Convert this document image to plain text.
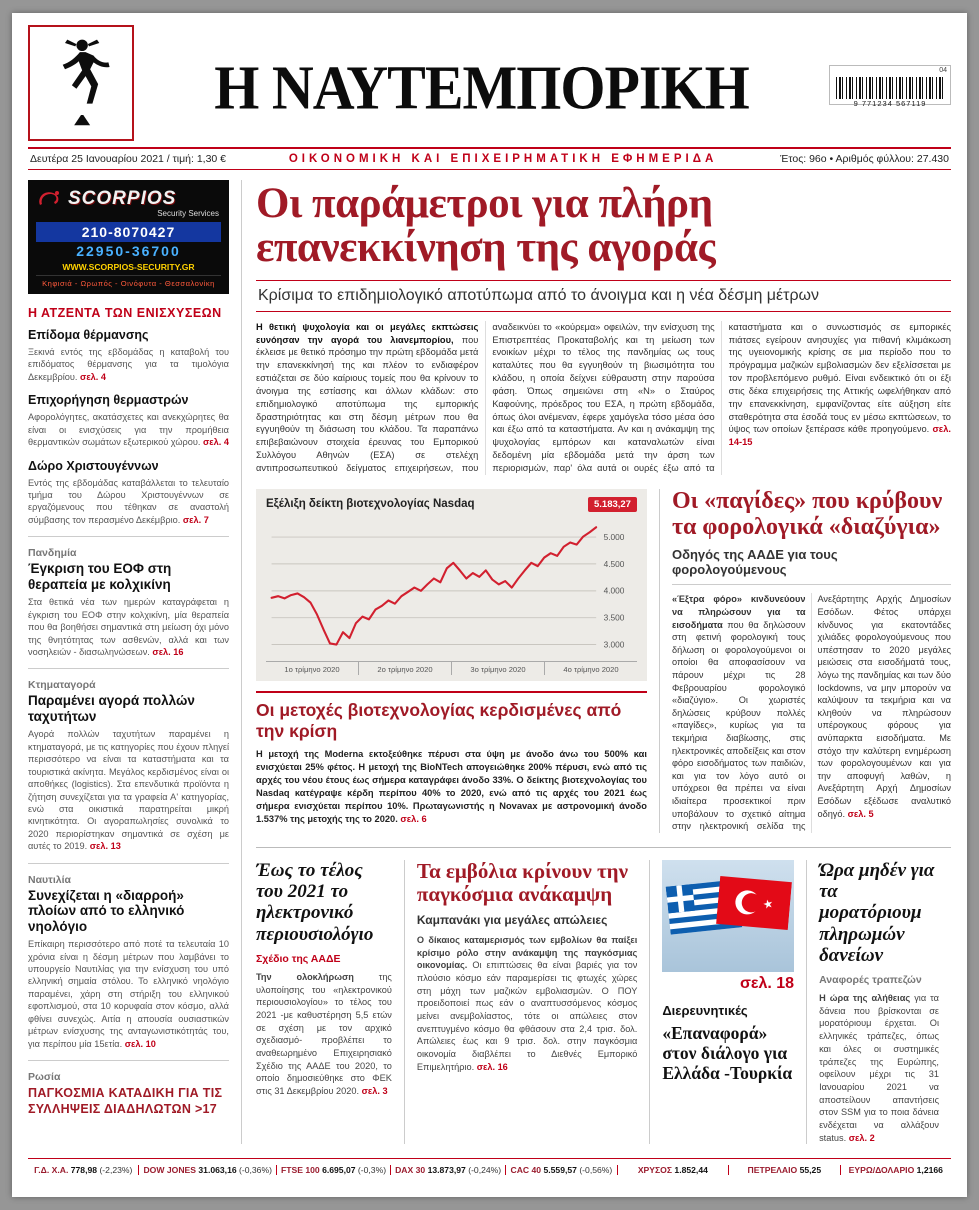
Η ΝΑΥΤΕΜΠΟΡΙΚΗ	04
9 771234 567119
Δευτέρα 25 Ιανουαρίου 2021 / τιμή: 1,30 €	ΟΙΚΟΝΟΜΙΚΗ ΚΑΙ ΕΠΙΧΕΙΡΗΜΑΤΙΚΗ ΕΦΗΜΕΡΙΔΑ	Έτος: 96ο • Αριθμός φύλλου: 27.430
SCORPIOS
Security Services
210-8070427
22950-36700
WWW.SCORPIOS-SECURITY.GR
Κηφισιά - Ωρωπός - Οινόφυτα - Θεσσαλονίκη
Η ΑΤΖΕΝΤΑ ΤΩΝ ΕΝΙΣΧΥΣΕΩΝ
Επίδομα θέρμανσης

Ξεκινά εντός της εβδομάδας η καταβολή του επιδόματος θέρμανσης για τα τιμολόγια Δεκεμβρίου. σελ. 4

Επιχορήγηση θερμαστρών

Αφορολόγητες, ακατάσχετες και ανεκχώρητες θα είναι οι ενισχύσεις για την προμήθεια θερμαντικών σωμάτων εξωτερικού χώρου. σελ. 4

Δώρο Χριστουγέννων

Εντός της εβδομάδας καταβάλλεται το τελευταίο τμήμα του Δώρου Χριστουγέννων σε εργαζόμενους που τέθηκαν σε αναστολή σύμβασης τον περασμένο Δεκέμβριο. σελ. 7

Πανδημία
Έγκριση του ΕΟΦ στη θεραπεία με κολχικίνη

Στα θετικά νέα των ημερών καταγράφεται η έγκριση του ΕΟΦ στην κολχικίνη, μία θεραπεία που θα βοηθήσει σημαντικά στη μείωση όχι μόνο της θνητότητας των ασθενών, αλλά και των νοσηλειών - διασωληνώσεων. σελ. 16

Κτηματαγορά
Παραμένει αγορά πολλών ταχυτήτων

Αγορά πολλών ταχυτήτων παραμένει η κτηματαγορά, με τις κατηγορίες που έχουν πληγεί περισσότερο να είναι τα καταστήματα και τα τουριστικά ακίνητα. Μεγάλος κερδισμένος είναι οι αποθήκες (logistics). Στα επενδυτικά προϊόντα η ζήτηση συνεχίζεται για τα γραφεία Α' κατηγορίας, ενώ στα οικιστικά παρατηρείται μικρή κινητικότητα. Οι αγοραπωλησίες συνολικά το 2020 περιορίστηκαν σημαντικά σε σχέση με αυτές το 2019. σελ. 13

Ναυτιλία
Συνεχίζεται η «διαρροή» πλοίων από το ελληνικό νηολόγιο

Επίκαιρη περισσότερο από ποτέ τα τελευταία 10 χρόνια είναι η δέσμη μέτρων που λαμβάνει το υπουργείο Ναυτιλίας για την ενίσχυση του υπό ελληνική σημαία στόλου. Το ελληνικό νηολόγιο παραμένει, χάρη στη στήριξη του ελληνικού εφοπλισμού, στα 10 κορυφαία στον κόσμο, αλλά φθίνει συνεχώς. Αιτία η απουσία ουσιαστικών μέτρων ενίσχυσης της ανταγωνιστικότητάς του, για περίπου μία 15ετία. σελ. 10

Ρωσία
ΠΑΓΚΟΣΜΙΑ ΚΑΤΑΔΙΚΗ ΓΙΑ ΤΙΣ ΣΥΛΛΗΨΕΙΣ ΔΙΑΔΗΛΩΤΩΝ >17
Οι παράμετροι για πλήρη επανεκκίνηση της αγοράς
Κρίσιμα το επιδημιολογικό αποτύπωμα από το άνοιγμα και η νέα δέσμη μέτρων

Η θετική ψυχολογία και οι μεγάλες εκπτώσεις ευνόησαν την αγορά του λιανεμπορίου, που έκλεισε με θετικό πρόσημο την πρώτη εβδομάδα μετά την επανεκκίνησή της και πλέον το ενδιαφέρον εστιάζεται σε δύο καίριους τομείς που θα κρίνουν το άνοιγμα της εστίασης και άλλων κλάδων: στο επιδημιολογικό αποτύπωμα της εμπορικής δραστηριότητας και στη δέσμη μέτρων που θα εγγυηθούν τη διάσωση του κλάδου. Τα παραπάνω επιβεβαιώνουν στοιχεία έρευνας του Εμπορικού Συλλόγου Αθηνών (ΕΣΑ) σε στελέχη αντιπροσωπευτικού δείγματος επιχειρήσεων, που αναδεικνύει το «κούρεμα» οφειλών, την ενίσχυση της Επιστρεπτέας Προκαταβολής και τη μείωση των ενοικίων μέχρι το τέλος της πανδημίας ως τους καταλύτες που θα εγγυηθούν τη βιωσιμότητα του κλάδου, η οποία δείχνει εύθραυστη στην παρούσα φάση. Όπως σημειώνει στη «Ν» ο Σταύρος Καφούνης, πρόεδρος του ΕΣΑ, η πρώτη εβδομάδα, όπως όλοι ανέμεναν, έφερε χαμόγελα τόσο μέσα όσο και έξω από τα καταστήματα. Αν και η ανάκαμψη της ψυχολογίας εμπόρων και καταναλωτών είναι δεδομένη μία εβδομάδα μετά την άρση των περιορισμών, παρ' όλα αυτά οι ουρές έξω από τα καταστήματα και ο συνωστισμός σε εμπορικές πιάτσες εγείρουν ανησυχίες για πιθανή κλιμάκωση της υγειονομικής κρίσης σε μια περίοδο που το πρόγραμμα μαζικών εμβολιασμών δεν εξελίσσεται με τον προβλεπόμενο ρυθμό. Είναι ενδεικτικό ότι οι έξι στις δέκα επιχειρήσεις της Αττικής ωφελήθηκαν από την επανεκκίνηση, εμφανίζοντας είτε αύξηση είτε σταθερότητα στα έσοδά τους εν μέσω εκπτώσεων, το ύψος των οποίων ξεπέρασε κάθε προηγούμενο. σελ. 14-15

Εξέλιξη δείκτη βιοτεχνολογίας Nasdaq	5.183,27
5.000
4.500
4.000
3.500
3.000
1ο τρίμηνο 2020	2ο τρίμηνο 2020	3ο τρίμηνο 2020	4ο τρίμηνο 2020
Οι μετοχές βιοτεχνολογίας κερδισμένες από την κρίση

Η μετοχή της Moderna εκτοξεύθηκε πέρυσι στα ύψη με άνοδο άνω του 500% και ενισχύεται 25% φέτος. Η μετοχή της BioNTech απογειώθηκε 200% πέρυσι, ενώ από τις αρχές του νέου έτους έως σήμερα καταγράφει άνοδο 33%. Ο δείκτης βιοτεχνολογίας του Nasdaq κατέγραψε κέρδη περίπου 40% το 2020, ενώ από τις αρχές του 2021 έως σήμερα ενισχύεται περίπου 10%. Πρωταγωνιστής η Novavax με αστρονομική άνοδο 1.537% της μετοχής της το 2020. σελ. 6

Οι «παγίδες» που κρύβουν τα φορολογικά «διαζύγια»
Οδηγός της ΑΑΔΕ για τους φορολογούμενους

«Έξτρα φόρο» κινδυνεύουν να πληρώσουν για τα εισοδήματα που θα δηλώσουν στη φετινή φορολογική τους δήλωση οι φορολογούμενοι οι οποίοι θα αποφασίσουν να πάρουν μέχρι τις 28 Φεβρουαρίου φορολογικό «διαζύγιο». Οι χωριστές δηλώσεις κρύβουν πολλές «παγίδες», κυρίως για τα τεκμήρια διαβίωσης, στις ηλεκτρονικές αποδείξεις και στον φόρο εισοδήματος των παιδιών, και για τον λόγο αυτό οι υπόχρεοι θα πρέπει να είναι ιδιαίτερα προσεκτικοί πριν υποβάλουν το σχετικό αίτημα στην ηλεκτρονική σελίδα της Ανεξάρτητης Αρχής Δημοσίων Εσόδων. Φέτος υπάρχει κίνδυνος για εκατοντάδες χιλιάδες φορολογούμενους που υπέστησαν το 2020 μεγάλες μειώσεις στα εισοδήματά τους, λόγω της πανδημίας και των δύο lockdowns, να μην μπορούν να καλύψουν τα τεκμήρια και να κληθούν να πληρώσουν υπέρογκους φόρους για ανύπαρκτα εισοδήματα. Με στόχο την καλύτερη ενημέρωση των φορολογουμένων και για την αποφυγή λαθών, η Ανεξάρτητη Αρχή Δημοσίων Εσόδων εξέδωσε αναλυτικό οδηγό. σελ. 5

Έως το τέλος του 2021 το ηλεκτρονικό περιουσιολόγιο
Σχέδιο της ΑΑΔΕ

Την ολοκλήρωση	της υλοποίησης του «ηλεκτρονικού περιουσιολογίου» το τέλος του 2021 -με καθυστέρηση 5,5 ετών σε σχέση με τον αρχικό σχεδιασμό- προβλέπει το αναθεωρημένο Επιχειρησιακό Σχέδιο της ΑΑΔΕ του 2020, το οποίο δημοσιεύθηκε στο ΦΕΚ στις 31 Δεκεμβρίου 2020. σελ. 3

Τα εμβόλια κρίνουν την παγκόσμια ανάκαμψη
Καμπανάκι για μεγάλες απώλειες

Ο δίκαιος καταμερισμός των εμβολίων θα παίξει κρίσιμο ρόλο στην ανάκαμψη της παγκόσμιας οικονομίας. Οι επιπτώσεις θα είναι βαριές για τον πλούσιο κόσμο εάν παραμερίσει τις φτωχές χώρες στη μάχη των μαζικών εμβολιασμών. Ο ΠΟΥ προειδοποιεί πως εάν ο αναπτυσσόμενος κόσμος μείνει ανεμβολίαστος, τότε οι απώλειες στον ανεπτυγμένο κόσμο θα φθάσουν στα 2,4 τρισ. δολ. Απώλειες έως και 9 τρισ. δολ. στην παγκόσμια οικονομία διαβλέπει το Διεθνές Εμπορικό Επιμελητήριο. σελ. 16

σελ. 18
Διερευνητικές
«Επαναφορά» στον διάλογο για Ελλάδα -Τουρκία
Ώρα μηδέν για τα μορατόριουμ πληρωμών δανείων
Αναφορές τραπεζών

Η ώρα της αλήθειας για τα δάνεια που βρίσκονται σε μορατόριουμ έρχεται. Οι ελληνικές τράπεζες, όπως και όλες οι συστημικές τράπεζες της Ευρώπης, οφείλουν μέχρι τις 31 Ιανουαρίου 2021 να αποστείλουν απαντήσεις στον SSM για το ποια δάνεια ενδέχεται να αλλάξουν status. σελ. 2

Γ.Δ. Χ.Α. 778,98 (-2,23%)	DOW JONES 31.063,16 (-0,36%)	FTSE 100 6.695,07 (-0,3%)	DAX 30 13.873,97 (-0,24%)	CAC 40 5.559,57 (-0,56%)	ΧΡΥΣΟΣ 1.852,44	ΠΕΤΡΕΛΑΙΟ 55,25	ΕΥΡΩ/ΔΟΛΑΡΙΟ 1,2166
